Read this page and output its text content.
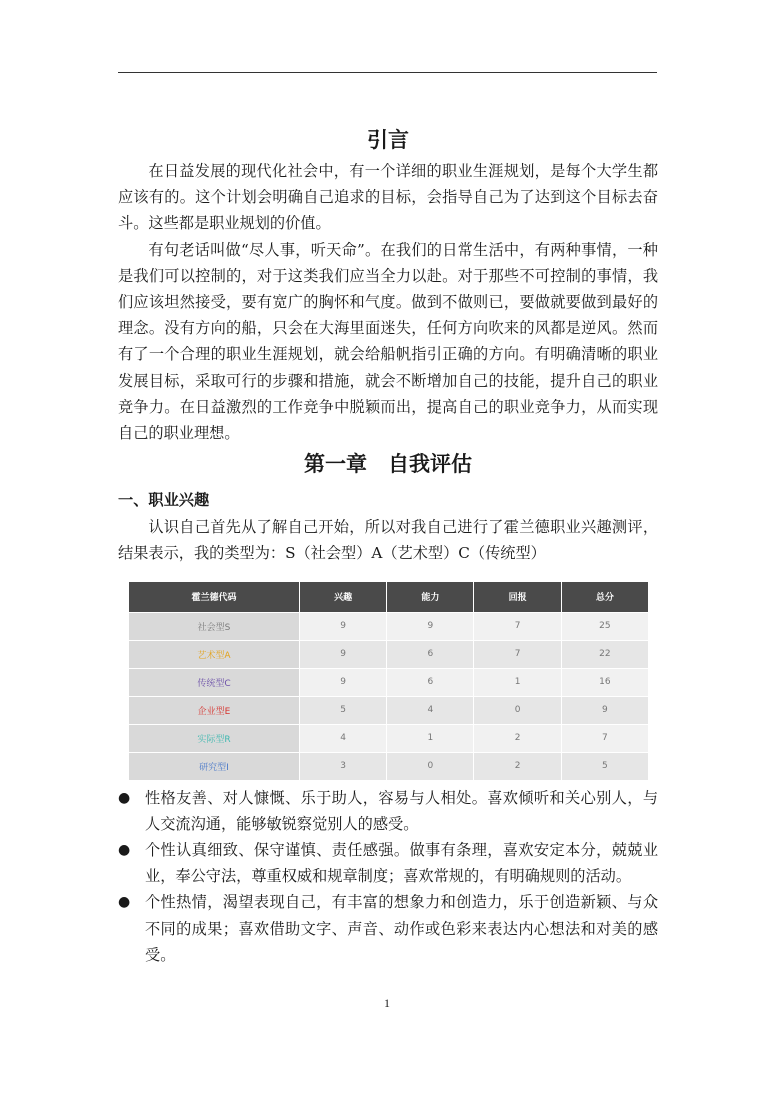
引言

在日益发展的现代化社会中，有一个详细的职业生涯规划，是每个大学生都应该有的。这个计划会明确自己追求的目标，会指导自己为了达到这个目标去奋斗。这些都是职业规划的价值。

有句老话叫做“尽人事，听天命”。在我们的日常生活中，有两种事情，一种是我们可以控制的，对于这类我们应当全力以赴。对于那些不可控制的事情，我们应该坦然接受，要有宽广的胸怀和气度。做到不做则已，要做就要做到最好的理念。没有方向的船，只会在大海里面迷失，任何方向吹来的风都是逆风。然而有了一个合理的职业生涯规划，就会给船帆指引正确的方向。有明确清晰的职业发展目标，采取可行的步骤和措施，就会不断增加自己的技能，提升自己的职业竞争力。在日益激烈的工作竞争中脱颖而出，提高自己的职业竞争力，从而实现自己的职业理想。

第一章　自我评估
一、职业兴趣

认识自己首先从了解自己开始，所以对我自己进行了霍兰德职业兴趣测评，结果表示，我的类型为：S（社会型）A（艺术型）C（传统型）

霍兰德代码	兴趣	能力	回报	总分
社会型S	9	9	7	25
艺术型A	9	6	7	22
传统型C	9	6	1	16
企业型E	5	4	0	9
实际型R	4	1	2	7
研究型I	3	0	2	5
● 性格友善、对人慷慨、乐于助人，容易与人相处。喜欢倾听和关心别人，与人交流沟通，能够敏锐察觉别人的感受。
● 个性认真细致、保守谨慎、责任感强。做事有条理，喜欢安定本分，兢兢业业，奉公守法，尊重权威和规章制度；喜欢常规的，有明确规则的活动。
● 个性热情，渴望表现自己，有丰富的想象力和创造力，乐于创造新颖、与众不同的成果；喜欢借助文字、声音、动作或色彩来表达内心想法和对美的感受。
1
